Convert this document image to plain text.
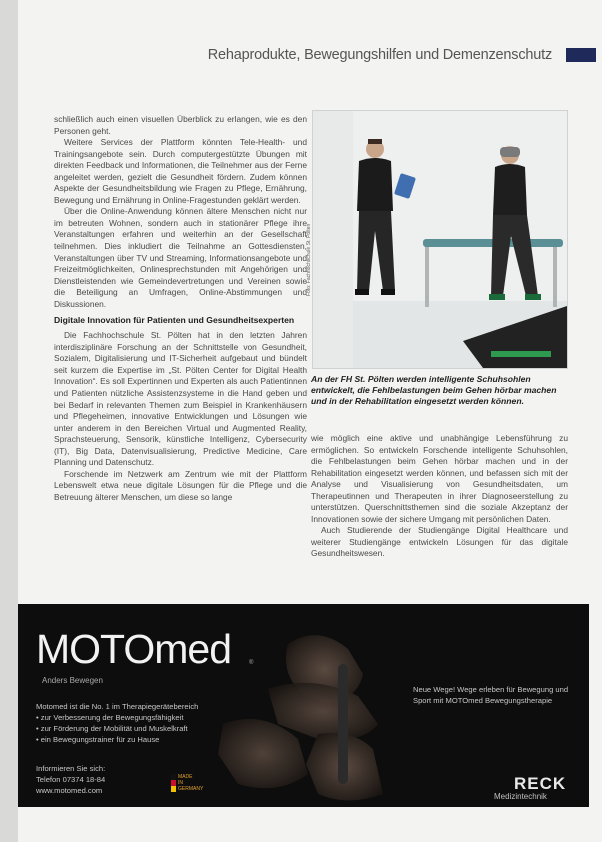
Rehaprodukte, Bewegungshilfen und Demenzenschutz

schließlich auch einen visuellen Überblick zu erlangen, wie es den Personen geht.

Weitere Services der Plattform könnten Tele-Health- und Trainingsangebote sein. Durch computergestützte Übungen mit direkten Feedback und Informationen, die Teilnehmer aus der Ferne angeleitet werden, gezielt die Gesundheit fördern. Zudem können Aspekte der Gesundheitsbildung wie Fragen zu Pflege, Ernährung, Bewegung und Ernährung in Online-Fragestunden geklärt werden.

Über die Online-Anwendung können ältere Menschen nicht nur im betreuten Wohnen, sondern auch in stationärer Pflege ihre Veranstaltungen erfahren und weiterhin an der Gesellschaft teilnehmen. Dies inkludiert die Teilnahme an Gottesdiensten, Veranstaltungen über TV und Streaming, Informationsangebote und Freizeitmöglichkeiten, Onlinesprechstunden mit Angehörigen und Dienstleistenden wie Gemeindevertretungen und Vereinen sowie die Beteiligung an Umfragen, Online-Abstimmungen und Diskussionen.

Digitale Innovation für Patienten und Gesundheitsexperten

Die Fachhochschule St. Pölten hat in den letzten Jahren interdisziplinäre Forschung an der Schnittstelle von Gesundheit, Sozialem, Digitalisierung und IT-Sicherheit aufgebaut und bündelt seit kurzem die Expertise im „St. Pölten Center for Digital Health Innovation“. Es soll Expertinnen und Experten als auch Patientinnen und Patienten nützliche Assistenzsysteme in die Hand geben und bei Bedarf in relevanten Themen zum Beispiel in Krankenhäusern und Pflegeheimen, innovative Entwicklungen und Lösungen wie unter anderem in den Bereichen Virtual und Augmented Reality, Sprachsteuerung, Sensorik, künstliche Intelligenz, Cybersecurity (IT), Big Data, Datenvisualisierung, Predictive Medicine, Care Planning und Datenschutz.

Forschende im Netzwerk am Zentrum wie mit der Plattform Lebenswelt etwa neue digitale Lösungen für die Pflege und die Betreuung älterer Menschen, um diese so lange

Foto: Fachhochschule St. Pölten
An der FH St. Pölten werden intelligente Schuhsohlen entwickelt, die Fehlbelastungen beim Gehen hörbar machen und in der Rehabilitation eingesetzt werden können.

wie möglich eine aktive und unabhängige Lebensführung zu ermöglichen. So entwickeln Forschende intelligente Schuhsohlen, die Fehlbelastungen beim Gehen hörbar machen und in der Rehabilitation eingesetzt werden können, und befassen sich mit der Analyse und Visualisierung von Gesundheitsdaten, um Therapeutinnen und Therapeuten in ihrer Diagnoseerstellung zu unterstützen. Querschnittsthemen sind die soziale Akzeptanz der Innovationen sowie der sichere Umgang mit persönlichen Daten.

Auch Studierende der Studiengänge Digital Healthcare und weiterer Studiengänge entwickeln Lösungen für das digitale Gesundheitswesen.

MOTOmed	®
Anders Bewegen
Motomed ist die No. 1 im Therapiegerätebereich
• zur Verbesserung der Bewegungsfähigkeit
• zur Förderung der Mobilität und Muskelkraft
• ein Bewegungstrainer für zu Hause
Informieren Sie sich:
Telefon 07374 18-84
www.motomed.com
MADE
IN
GERMANY
Neue Wege! Wege erleben für Bewegung und Sport mit MOTOmed Bewegungstherapie
RECK
Medizintechnik
